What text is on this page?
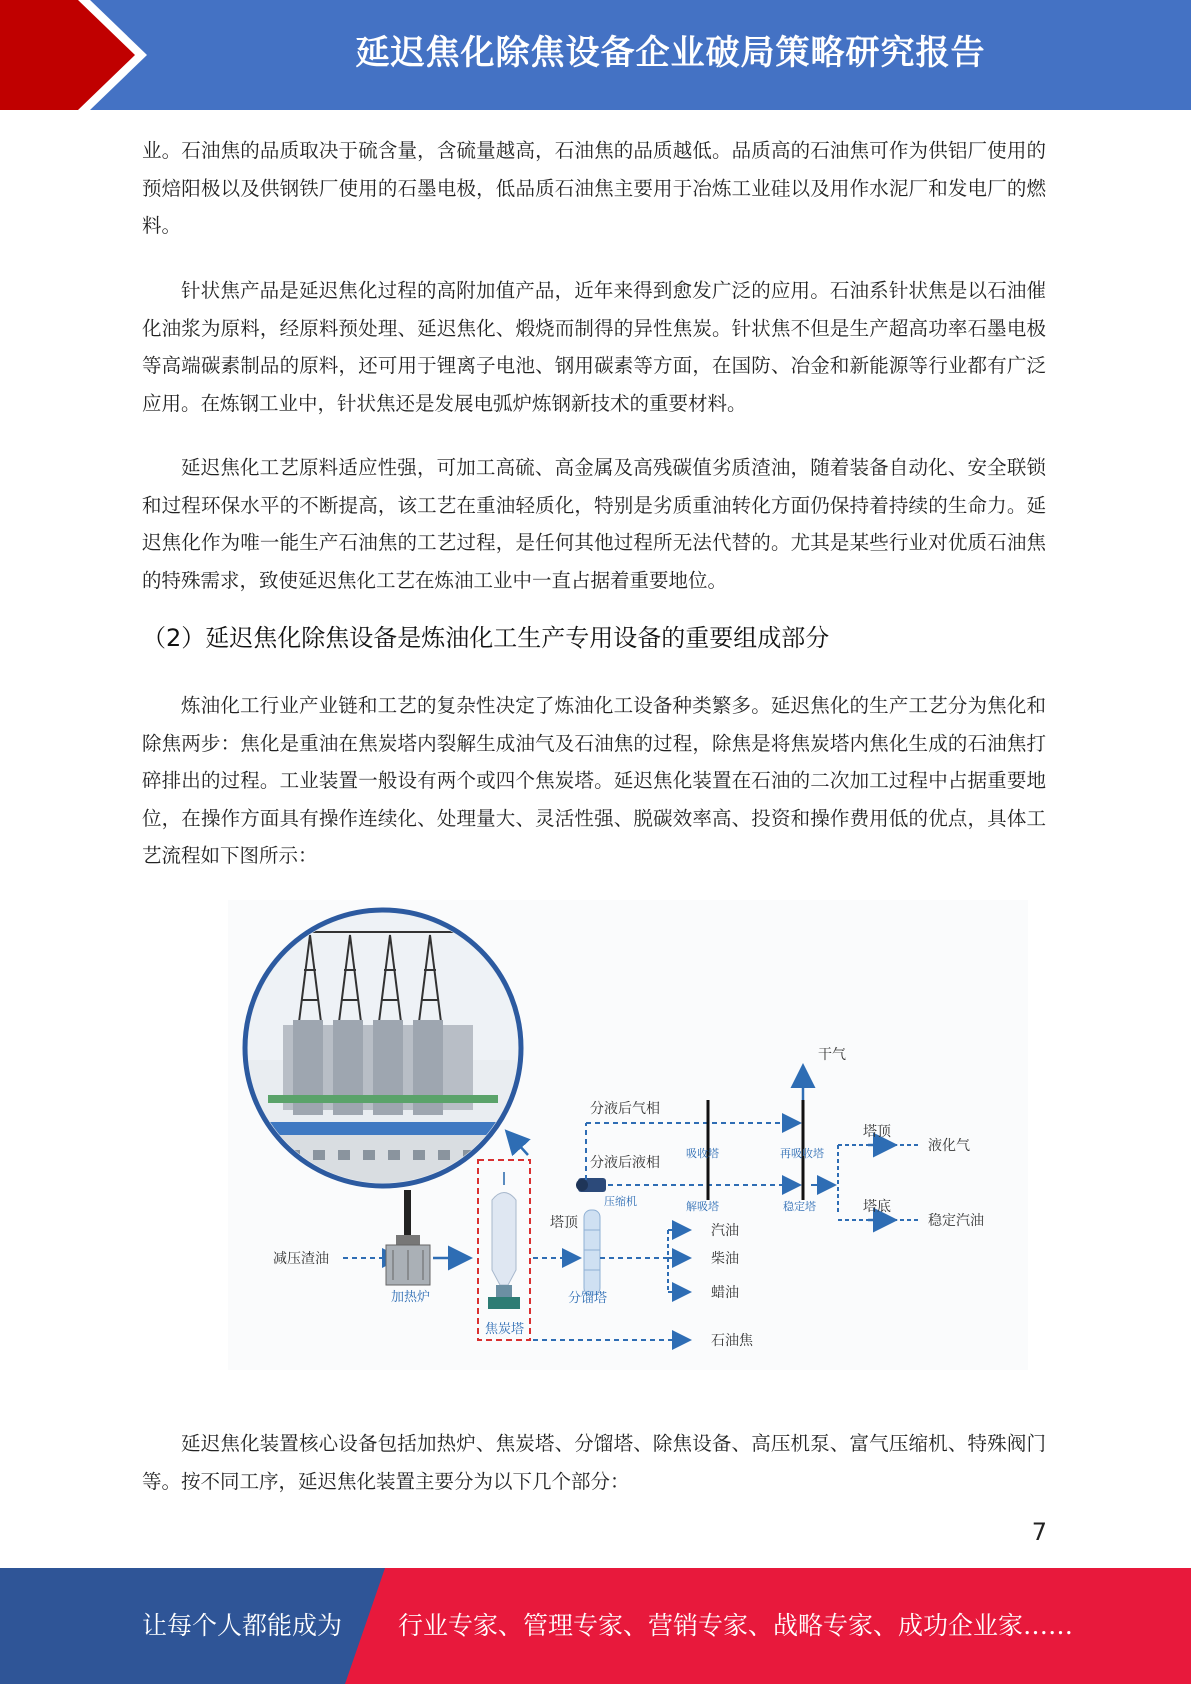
延迟焦化除焦设备企业破局策略研究报告

业。石油焦的品质取决于硫含量，含硫量越高，石油焦的品质越低。品质高的石油焦可作为供铝厂使用的预焙阳极以及供钢铁厂使用的石墨电极，低品质石油焦主要用于冶炼工业硅以及用作水泥厂和发电厂的燃料。

针状焦产品是延迟焦化过程的高附加值产品，近年来得到愈发广泛的应用。石油系针状焦是以石油催化油浆为原料，经原料预处理、延迟焦化、煅烧而制得的异性焦炭。针状焦不但是生产超高功率石墨电极等高端碳素制品的原料，还可用于锂离子电池、钢用碳素等方面，在国防、冶金和新能源等行业都有广泛应用。在炼钢工业中，针状焦还是发展电弧炉炼钢新技术的重要材料。

延迟焦化工艺原料适应性强，可加工高硫、高金属及高残碳值劣质渣油，随着装备自动化、安全联锁和过程环保水平的不断提高，该工艺在重油轻质化，特别是劣质重油转化方面仍保持着持续的生命力。延迟焦化作为唯一能生产石油焦的工艺过程，是任何其他过程所无法代替的。尤其是某些行业对优质石油焦的特殊需求，致使延迟焦化工艺在炼油工业中一直占据着重要地位。

（2）延迟焦化除焦设备是炼油化工生产专用设备的重要组成部分

炼油化工行业产业链和工艺的复杂性决定了炼油化工设备种类繁多。延迟焦化的生产工艺分为焦化和除焦两步：焦化是重油在焦炭塔内裂解生成油气及石油焦的过程，除焦是将焦炭塔内焦化生成的石油焦打碎排出的过程。工业装置一般设有两个或四个焦炭塔。延迟焦化装置在石油的二次加工过程中占据重要地位，在操作方面具有操作连续化、处理量大、灵活性强、脱碳效率高、投资和操作费用低的优点，具体工艺流程如下图所示：

减压渣油
加热炉
焦炭塔
塔顶
石油焦
分馏塔
压缩机
汽油
柴油
蜡油
分液后气相
分液后液相
吸收塔
解吸塔
再吸收塔
稳定塔
干气
塔顶
液化气
塔底
稳定汽油

延迟焦化装置核心设备包括加热炉、焦炭塔、分馏塔、除焦设备、高压机泵、富气压缩机、特殊阀门等。按不同工序，延迟焦化装置主要分为以下几个部分：

7
让每个人都能成为 行业专家、管理专家、营销专家、战略专家、成功企业家……
